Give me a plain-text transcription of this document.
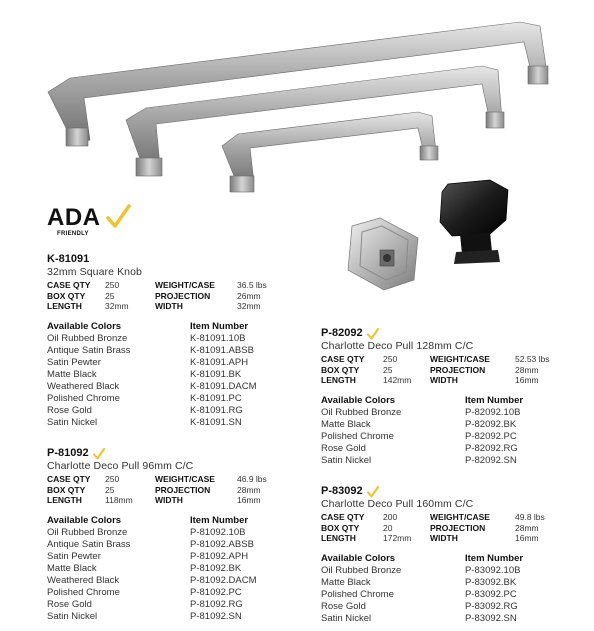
ADA
FRIENDLY
K-81091
32mm Square Knob
CASE QTY	250	WEIGHT/CASE	36.5 lbs
BOX QTY	25	PROJECTION	26mm
LENGTH	32mm	WIDTH	32mm
Available Colors	Item Number
Oil Rubbed Bronze	K-81091.10B
Antique Satin Brass	K-81091.ABSB
Satin Pewter	K-81091.APH
Matte Black	K-81091.BK
Weathered Black	K-81091.DACM
Polished Chrome	K-81091.PC
Rose Gold	K-81091.RG
Satin Nickel	K-81091.SN
P-81092
Charlotte Deco Pull 96mm C/C
CASE QTY	250	WEIGHT/CASE	46.9 lbs
BOX QTY	25	PROJECTION	28mm
LENGTH	118mm	WIDTH	16mm
Available Colors	Item Number
Oil Rubbed Bronze	P-81092.10B
Antique Satin Brass	P-81092.ABSB
Satin Pewter	P-81092.APH
Matte Black	P-81092.BK
Weathered Black	P-81092.DACM
Polished Chrome	P-81092.PC
Rose Gold	P-81092.RG
Satin Nickel	P-81092.SN
P-82092
Charlotte Deco Pull 128mm C/C
CASE QTY	250	WEIGHT/CASE	52.53 lbs
BOX QTY	25	PROJECTION	28mm
LENGTH	142mm	WIDTH	16mm
Available Colors	Item Number
Oil Rubbed Bronze	P-82092.10B
Matte Black	P-82092.BK
Polished Chrome	P-82092.PC
Rose Gold	P-82092.RG
Satin Nickel	P-82092.SN
P-83092
Charlotte Deco Pull 160mm C/C
CASE QTY	200	WEIGHT/CASE	49.8 lbs
BOX QTY	20	PROJECTION	28mm
LENGTH	172mm	WIDTH	16mm
Available Colors	Item Number
Oil Rubbed Bronze	P-83092.10B
Matte Black	P-83092.BK
Polished Chrome	P-83092.PC
Rose Gold	P-83092.RG
Satin Nickel	P-83092.SN
